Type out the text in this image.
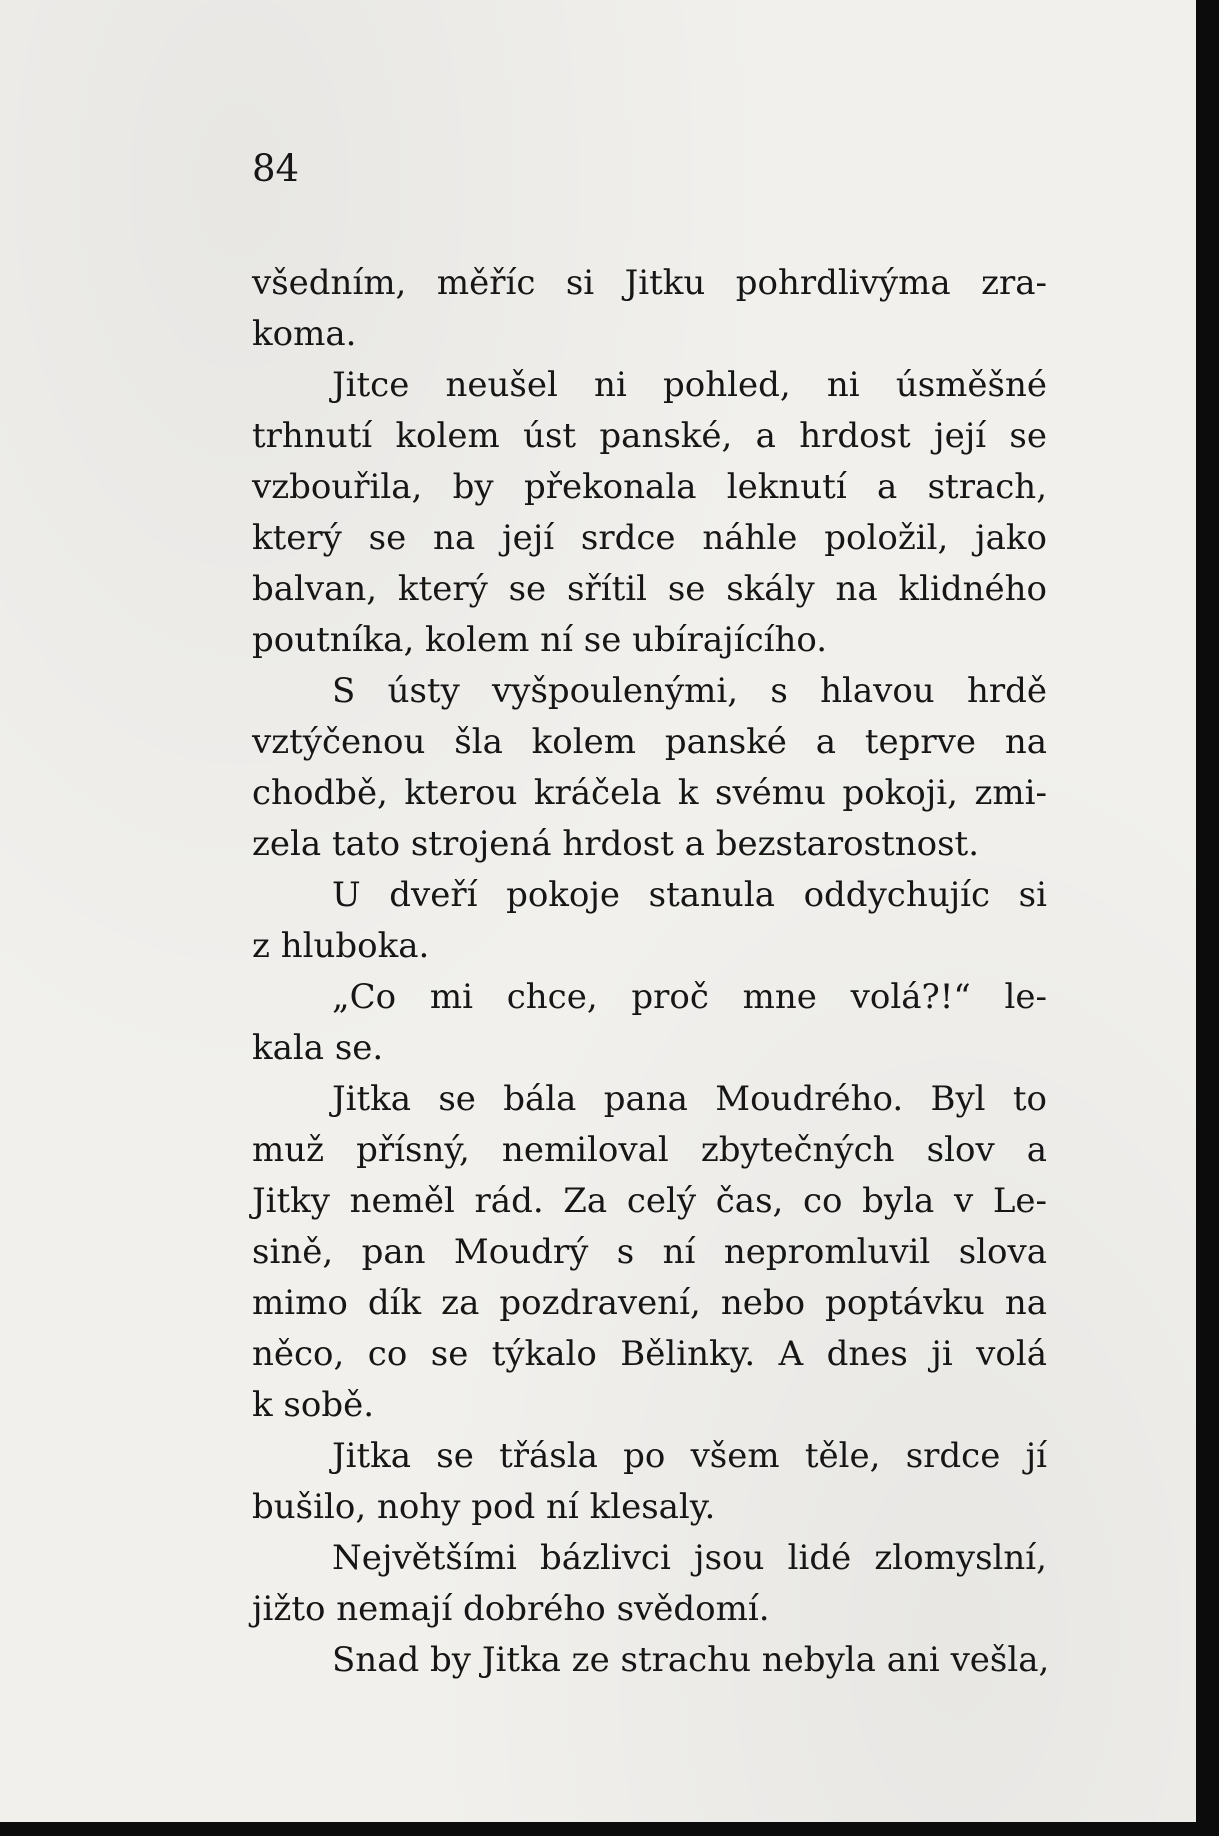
84
všedním, měříc si Jitku pohrdlivýma zra-
koma.
Jitce neušel ni pohled, ni úsměšné
trhnutí kolem úst panské, a hrdost její se
vzbouřila, by překonala leknutí a strach,
který se na její srdce náhle položil, jako
balvan, který se sřítil se skály na klidného
poutníka, kolem ní se ubírajícího.
S ústy vyšpoulenými, s hlavou hrdě
vztýčenou šla kolem panské a teprve na
chodbě, kterou kráčela k svému pokoji, zmi-
zela tato strojená hrdost a bezstarostnost.
U dveří pokoje stanula oddychujíc si
z hluboka.
„Co mi chce, proč mne volá?!“ le-
kala se.
Jitka se bála pana Moudrého. Byl to
muž přísný, nemiloval zbytečných slov a
Jitky neměl rád. Za celý čas, co byla v Le-
sině, pan Moudrý s ní nepromluvil slova
mimo dík za pozdravení, nebo poptávku na
něco, co se týkalo Bělinky. A dnes ji volá
k sobě.
Jitka se třásla po všem těle, srdce jí
bušilo, nohy pod ní klesaly.
Největšími bázlivci jsou lidé zlomyslní,
jižto nemají dobrého svědomí.
Snad by Jitka ze strachu nebyla ani vešla,
